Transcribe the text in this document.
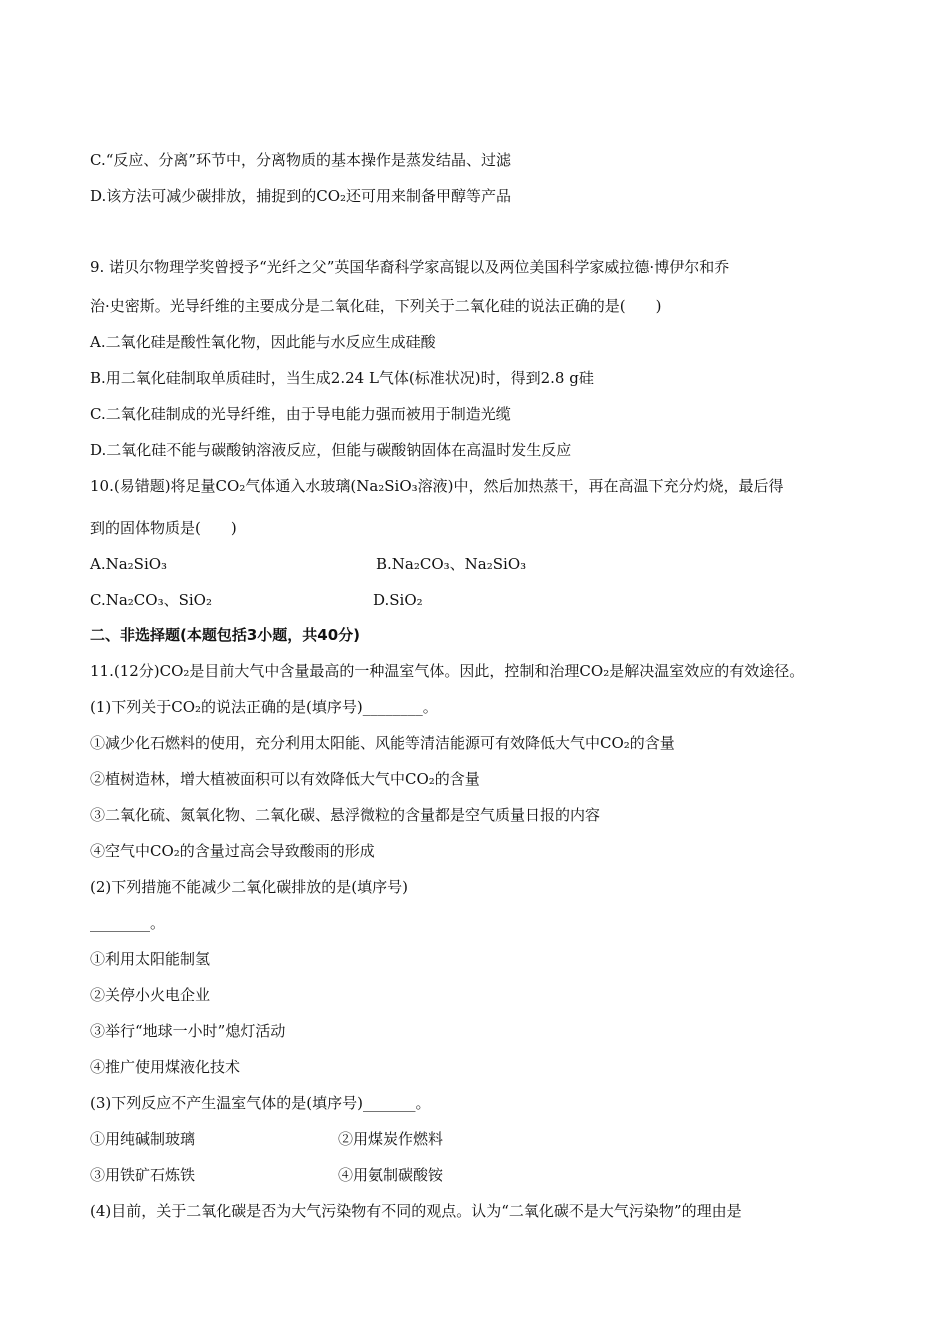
C.“反应、分离”环节中，分离物质的基本操作是蒸发结晶、过滤
D.该方法可减少碳排放，捕捉到的CO₂还可用来制备甲醇等产品
9. 诺贝尔物理学奖曾授予“光纤之父”英国华裔科学家高锟以及两位美国科学家威拉德·博伊尔和乔
治·史密斯。光导纤维的主要成分是二氧化硅，下列关于二氧化硅的说法正确的是(　　)
A.二氧化硅是酸性氧化物，因此能与水反应生成硅酸
B.用二氧化硅制取单质硅时，当生成2.24 L气体(标准状况)时，得到2.8 g硅
C.二氧化硅制成的光导纤维，由于导电能力强而被用于制造光缆
D.二氧化硅不能与碳酸钠溶液反应，但能与碳酸钠固体在高温时发生反应
10.(易错题)将足量CO₂气体通入水玻璃(Na₂SiO₃溶液)中，然后加热蒸干，再在高温下充分灼烧，最后得
到的固体物质是(　　)
A.Na₂SiO₃	B.Na₂CO₃、Na₂SiO₃
C.Na₂CO₃、SiO₂	D.SiO₂
二、非选择题(本题包括3小题，共40分)
11.(12分)CO₂是目前大气中含量最高的一种温室气体。因此，控制和治理CO₂是解决温室效应的有效途径。
(1)下列关于CO₂的说法正确的是(填序号)________。
①减少化石燃料的使用，充分利用太阳能、风能等清洁能源可有效降低大气中CO₂的含量
②植树造林，增大植被面积可以有效降低大气中CO₂的含量
③二氧化硫、氮氧化物、二氧化碳、悬浮微粒的含量都是空气质量日报的内容
④空气中CO₂的含量过高会导致酸雨的形成
(2)下列措施不能减少二氧化碳排放的是(填序号)
________。
①利用太阳能制氢
②关停小火电企业
③举行“地球一小时”熄灯活动
④推广使用煤液化技术
(3)下列反应不产生温室气体的是(填序号)_______。
①用纯碱制玻璃	②用煤炭作燃料
③用铁矿石炼铁	④用氨制碳酸铵
(4)目前，关于二氧化碳是否为大气污染物有不同的观点。认为“二氧化碳不是大气污染物”的理由是
